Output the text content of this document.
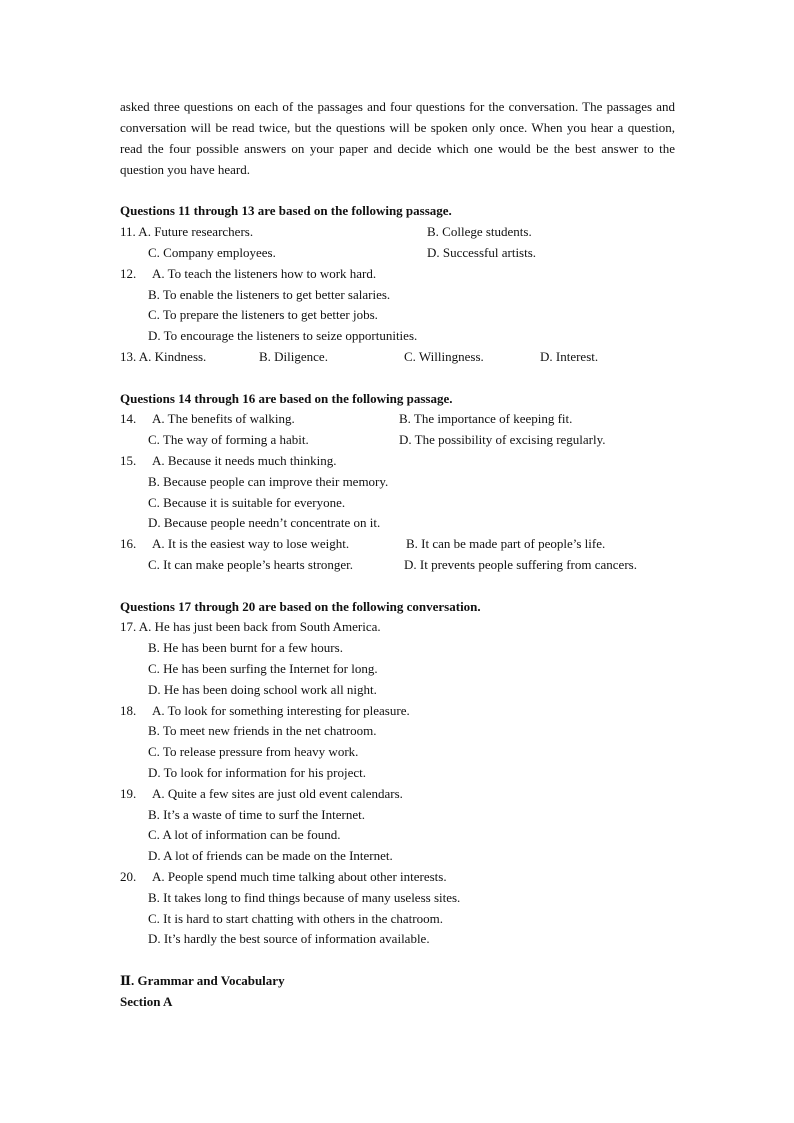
asked three questions on each of the passages and four questions for the conversation. The passages and conversation will be read twice, but the questions will be spoken only once. When you hear a question, read the four possible answers on your paper and decide which one would be the best answer to the question you have heard.
Questions 11 through 13 are based on the following passage.
11. A. Future researchers.	B. College students.
C. Company employees.	D. Successful artists.
12. A. To teach the listeners how to work hard.
B. To enable the listeners to get better salaries.
C. To prepare the listeners to get better jobs.
D. To encourage the listeners to seize opportunities.
13. A. Kindness.	B. Diligence.	C. Willingness.	D. Interest.
Questions 14 through 16 are based on the following passage.
14. A. The benefits of walking.	B. The importance of keeping fit.
C. The way of forming a habit.	D. The possibility of excising regularly.
15. A. Because it needs much thinking.
B. Because people can improve their memory.
C. Because it is suitable for everyone.
D. Because people needn’t concentrate on it.
16. A. It is the easiest way to lose weight.	B. It can be made part of people’s life.
C. It can make people’s hearts stronger.	D. It prevents people suffering from cancers.
Questions 17 through 20 are based on the following conversation.
17. A. He has just been back from South America.
B. He has been burnt for a few hours.
C. He has been surfing the Internet for long.
D. He has been doing school work all night.
18. A. To look for something interesting for pleasure.
B. To meet new friends in the net chatroom.
C. To release pressure from heavy work.
D. To look for information for his project.
19. A. Quite a few sites are just old event calendars.
B. It’s a waste of time to surf the Internet.
C. A lot of information can be found.
D. A lot of friends can be made on the Internet.
20. A. People spend much time talking about other interests.
B. It takes long to find things because of many useless sites.
C. It is hard to start chatting with others in the chatroom.
D. It’s hardly the best source of information available.
Ⅱ. Grammar and Vocabulary
Section A
